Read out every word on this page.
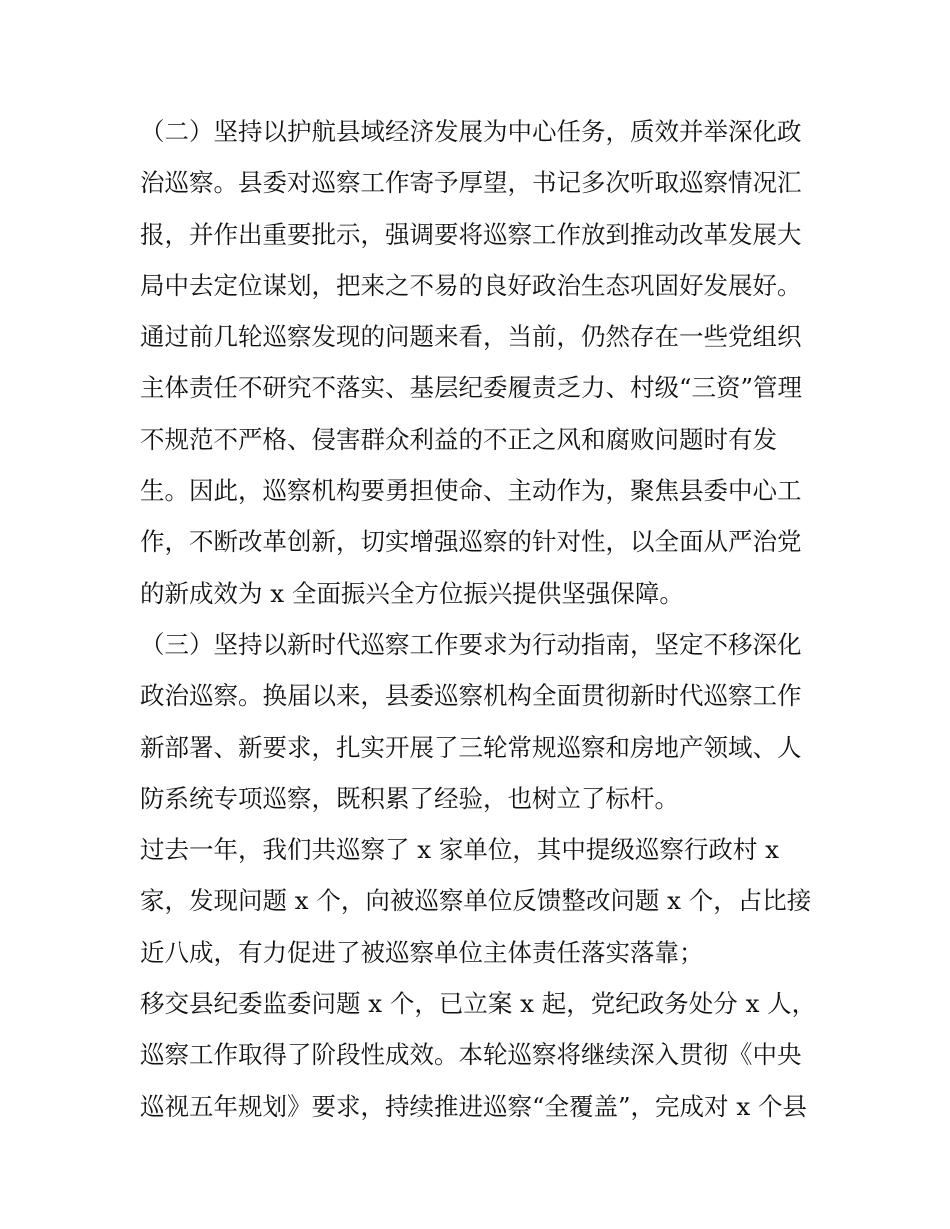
（二）坚持以护航县域经济发展为中心任务，质效并举深化政
治巡察。县委对巡察工作寄予厚望，书记多次听取巡察情况汇
报，并作出重要批示，强调要将巡察工作放到推动改革发展大
局中去定位谋划，把来之不易的良好政治生态巩固好发展好。
通过前几轮巡察发现的问题来看，当前，仍然存在一些党组织
主体责任不研究不落实、基层纪委履责乏力、村级“三资”管理
不规范不严格、侵害群众利益的不正之风和腐败问题时有发
生。因此，巡察机构要勇担使命、主动作为，聚焦县委中心工
作，不断改革创新，切实增强巡察的针对性，以全面从严治党
的新成效为 x 全面振兴全方位振兴提供坚强保障。
（三）坚持以新时代巡察工作要求为行动指南，坚定不移深化
政治巡察。换届以来，县委巡察机构全面贯彻新时代巡察工作
新部署、新要求，扎实开展了三轮常规巡察和房地产领域、人
防系统专项巡察，既积累了经验，也树立了标杆。
过去一年，我们共巡察了 x 家单位，其中提级巡察行政村 x
家，发现问题 x 个，向被巡察单位反馈整改问题 x 个，占比接
近八成，有力促进了被巡察单位主体责任落实落靠；
移交县纪委监委问题 x 个，已立案 x 起，党纪政务处分 x 人，
巡察工作取得了阶段性成效。本轮巡察将继续深入贯彻《中央
巡视五年规划》要求，持续推进巡察“全覆盖”，完成对 x 个县
